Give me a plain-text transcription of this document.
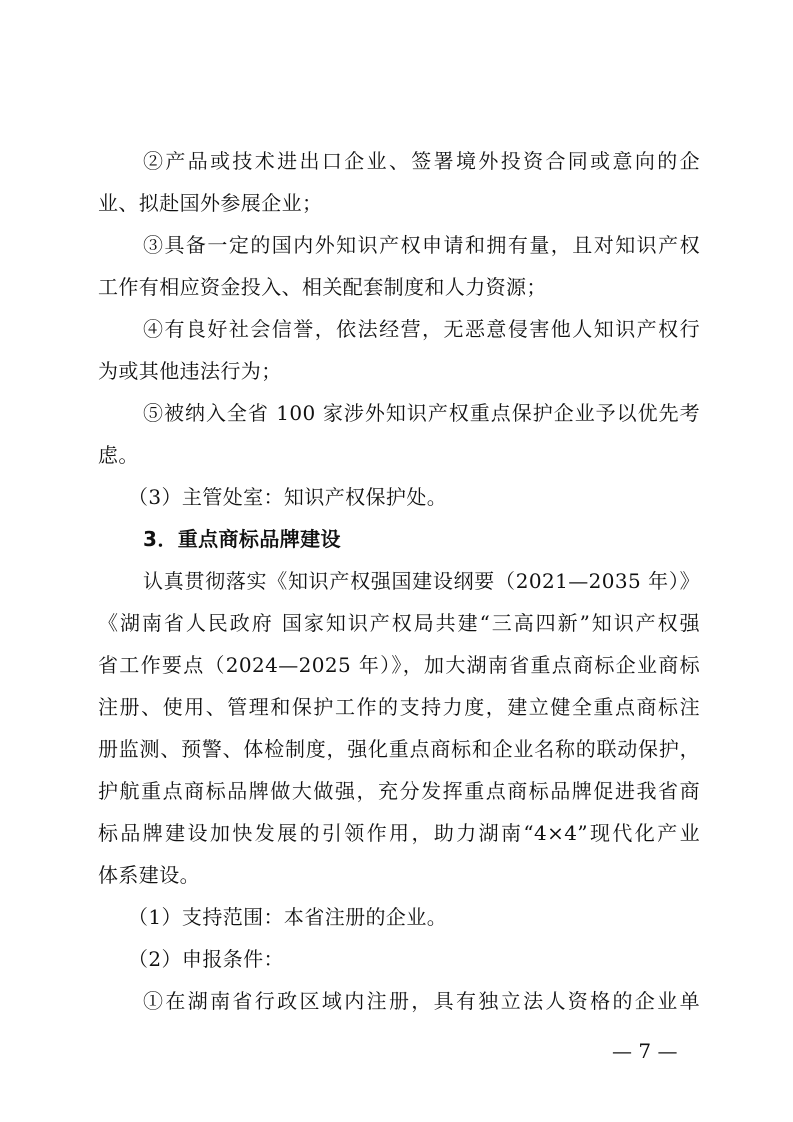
②产品或技术进出口企业、签署境外投资合同或意向的企
业、拟赴国外参展企业；
③具备一定的国内外知识产权申请和拥有量，且对知识产权
工作有相应资金投入、相关配套制度和人力资源；
④有良好社会信誉，依法经营，无恶意侵害他人知识产权行
为或其他违法行为；
⑤被纳入全省 100 家涉外知识产权重点保护企业予以优先考
虑。
（3）主管处室：知识产权保护处。
3．重点商标品牌建设
认真贯彻落实《知识产权强国建设纲要（2021—2035 年）》
《湖南省人民政府 国家知识产权局共建“三高四新”知识产权强
省工作要点（2024—2025 年）》，加大湖南省重点商标企业商标
注册、使用、管理和保护工作的支持力度，建立健全重点商标注
册监测、预警、体检制度，强化重点商标和企业名称的联动保护，
护航重点商标品牌做大做强，充分发挥重点商标品牌促进我省商
标品牌建设加快发展的引领作用，助力湖南“4×4”现代化产业
体系建设。
（1）支持范围：本省注册的企业。
（2）申报条件：
①在湖南省行政区域内注册，具有独立法人资格的企业单
— 7 —
